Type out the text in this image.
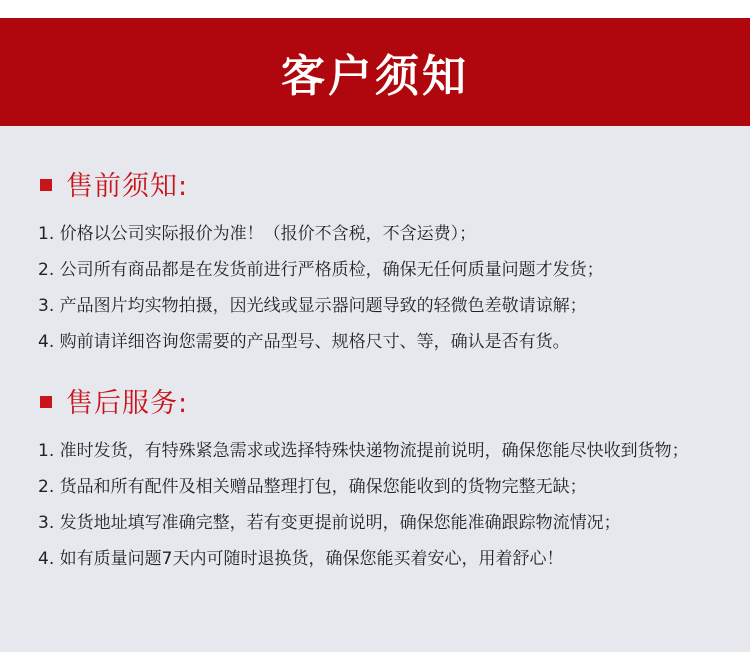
客户须知
售前须知:
1. 价格以公司实际报价为准！（报价不含税，不含运费）；
2. 公司所有商品都是在发货前进行严格质检，确保无任何质量问题才发货；
3. 产品图片均实物拍摄，因光线或显示器问题导致的轻微色差敬请谅解；
4. 购前请详细咨询您需要的产品型号、规格尺寸、等，确认是否有货。
售后服务:
1. 准时发货，有特殊紧急需求或选择特殊快递物流提前说明，确保您能尽快收到货物；
2. 货品和所有配件及相关赠品整理打包，确保您能收到的货物完整无缺；
3. 发货地址填写准确完整，若有变更提前说明，确保您能准确跟踪物流情况；
4. 如有质量问题7天内可随时退换货，确保您能买着安心，用着舒心！
